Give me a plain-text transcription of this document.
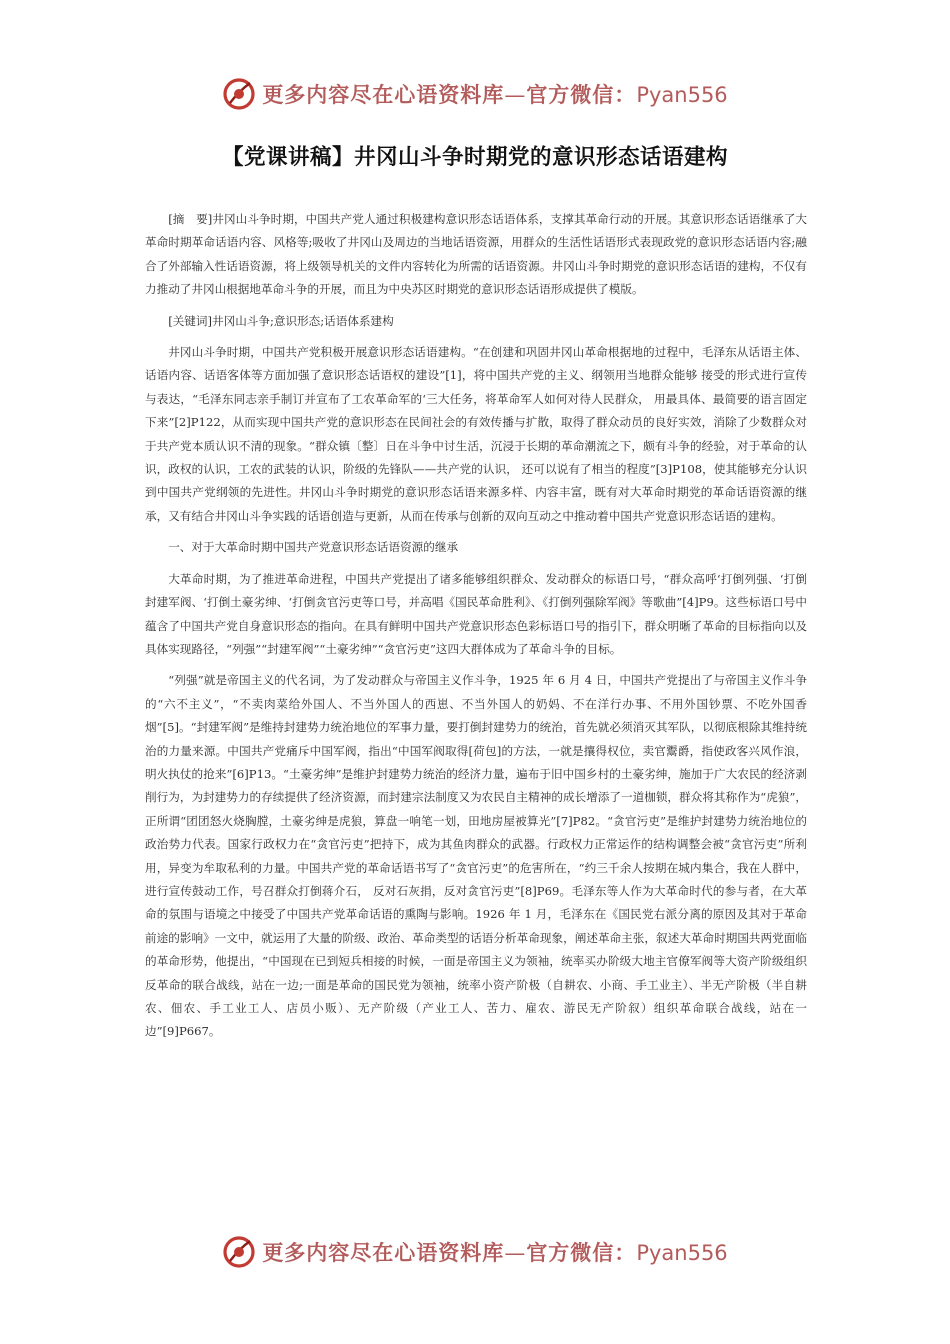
更多内容尽在心语资料库—官方微信：Pyan556
【党课讲稿】井冈山斗争时期党的意识形态话语建构

[摘　要]井冈山斗争时期，中国共产党人通过积极建构意识形态话语体系，支撑其革命行动的开展。其意识形态话语继承了大革命时期革命话语内容、风格等;吸收了井冈山及周边的当地话语资源，用群众的生活性话语形式表现政党的意识形态话语内容;融合了外部输入性话语资源，将上级领导机关的文件内容转化为所需的话语资源。井冈山斗争时期党的意识形态话语的建构，不仅有力推动了井冈山根据地革命斗争的开展，而且为中央苏区时期党的意识形态话语形成提供了模版。

[关键词]井冈山斗争;意识形态;话语体系建构

井冈山斗争时期，中国共产党积极开展意识形态话语建构。“在创建和巩固井冈山革命根据地的过程中，毛泽东从话语主体、话语内容、话语客体等方面加强了意识形态话语权的建设”[1]，将中国共产党的主义、纲领用当地群众能够 接受的形式进行宣传与表达，“毛泽东同志亲手制订并宣布了工农革命军的‘三大任务，将革命军人如何对待人民群众， 用最具体、最简要的语言固定下来”[2]P122，从而实现中国共产党的意识形态在民间社会的有效传播与扩散，取得了群众动员的良好实效，消除了少数群众对于共产党本质认识不清的现象。“群众镇〔整〕日在斗争中讨生活，沉浸于长期的革命潮流之下，颇有斗争的经验，对于革命的认识，政权的认识，工农的武装的认识，阶级的先锋队——共产党的认识， 还可以说有了相当的程度”[3]P108，使其能够充分认识到中国共产党纲领的先进性。井冈山斗争时期党的意识形态话语来源多样、内容丰富，既有对大革命时期党的革命话语资源的继承，又有结合井冈山斗争实践的话语创造与更新，从而在传承与创新的双向互动之中推动着中国共产党意识形态话语的建构。

一、对于大革命时期中国共产党意识形态话语资源的继承

大革命时期，为了推进革命进程，中国共产党提出了诸多能够组织群众、发动群众的标语口号，“群众高呼‘打倒列强、‘打倒封建军阀、‘打倒土豪劣绅、‘打倒贪官污吏等口号，并高唱《国民革命胜利》、《打倒列强除军阀》等歌曲”[4]P9。这些标语口号中蕴含了中国共产党自身意识形态的指向。在具有鲜明中国共产党意识形态色彩标语口号的指引下，群众明晰了革命的目标指向以及具体实现路径，“列强”“封建军阀”“土豪劣绅”“贪官污吏”这四大群体成为了革命斗争的目标。

“列强”就是帝国主义的代名词，为了发动群众与帝国主义作斗争，1925 年 6 月 4 日，中国共产党提出了与帝国主义作斗争的“六不主义”，“不卖肉菜给外国人、不当外国人的西崽、不当外国人的奶妈、不在洋行办事、不用外国钞票、不吃外国香烟”[5]。“封建军阀”是维持封建势力统治地位的军事力量，要打倒封建势力的统治，首先就必须消灭其军队，以彻底根除其维持统治的力量来源。中国共产党痛斥中国军阀，指出“中国军阀取得[荷包]的方法，一就是攘得权位，卖官鬻爵，指使政客兴风作浪，明火执仗的抢来”[6]P13。“土豪劣绅”是维护封建势力统治的经济力量，遍布于旧中国乡村的土豪劣绅，施加于广大农民的经济剥削行为，为封建势力的存续提供了经济资源，而封建宗法制度又为农民自主精神的成长增添了一道枷锁，群众将其称作为“虎狼”，正所谓“团团怒火烧胸膛，土豪劣绅是虎狼，算盘一响笔一划，田地房屋被算光”[7]P82。“贪官污吏”是维护封建势力统治地位的政治势力代表。国家行政权力在“贪官污吏”把持下，成为其鱼肉群众的武器。行政权力正常运作的结构调整会被“贪官污吏”所利用，异变为牟取私利的力量。中国共产党的革命话语书写了“贪官污吏”的危害所在，“约三千余人按期在城内集合，我在人群中，进行宣传鼓动工作，号召群众打倒蒋介石， 反对石灰捐，反对贪官污吏”[8]P69。毛泽东等人作为大革命时代的参与者，在大革命的氛围与语境之中接受了中国共产党革命话语的熏陶与影响。1926 年 1 月，毛泽东在《国民党右派分离的原因及其对于革命前途的影响》一文中，就运用了大量的阶级、政治、革命类型的话语分析革命现象，阐述革命主张，叙述大革命时期国共两党面临的革命形势，他提出，“中国现在已到短兵相接的时候，一面是帝国主义为领袖，统率买办阶级大地主官僚军阀等大资产阶级组织反革命的联合战线，站在一边;一面是革命的国民党为领袖，统率小资产阶极（自耕农、小商、手工业主）、半无产阶极（半自耕农、佃农、手工业工人、店员小贩）、无产阶级（产业工人、苦力、雇农、游民无产阶叙）组织革命联合战线，站在一边”[9]P667。

更多内容尽在心语资料库—官方微信：Pyan556
